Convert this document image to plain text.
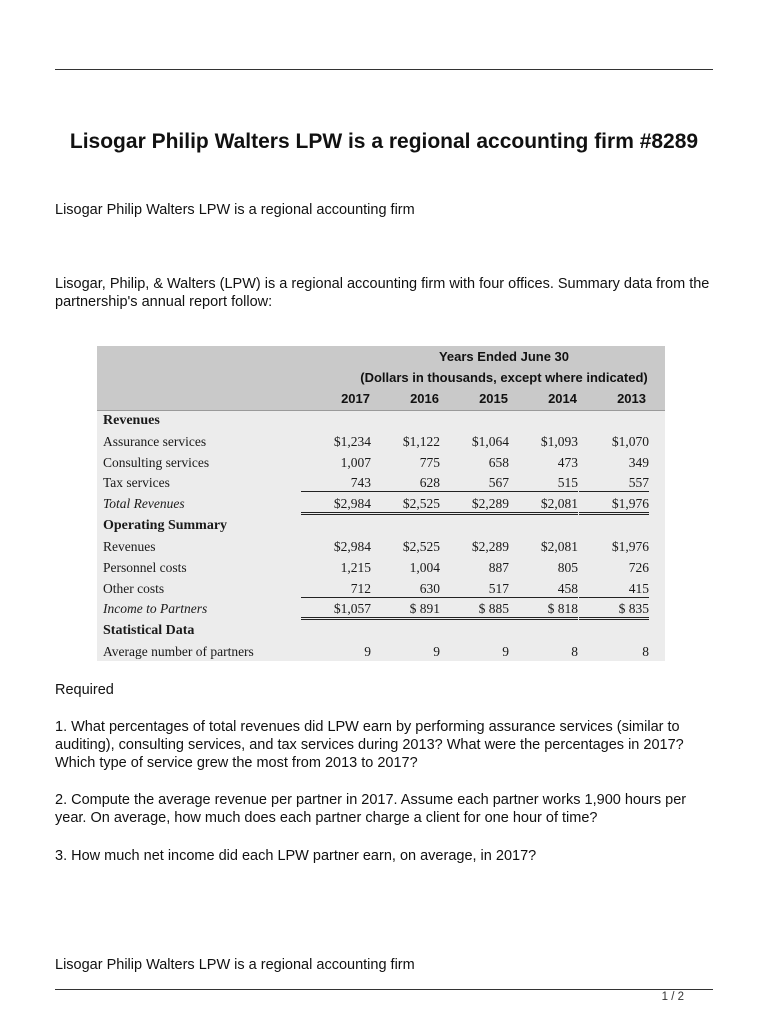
Lisogar Philip Walters LPW is a regional accounting firm #8289

Lisogar Philip Walters LPW is a regional accounting firm

Lisogar, Philip, & Walters (LPW) is a regional accounting firm with four offices. Summary data from the partnership's annual report follow:

Years Ended June 30
(Dollars in thousands, except where indicated)
2017	2016	2015	2014	2013
Revenues
Assurance services	$1,234	$1,122	$1,064	$1,093	$1,070
Consulting services	1,007	775	658	473	349
Tax services	743	628	567	515	557
Total Revenues	$2,984	$2,525	$2,289	$2,081	$1,976
Operating Summary
Revenues	$2,984	$2,525	$2,289	$2,081	$1,976
Personnel costs	1,215	1,004	887	805	726
Other costs	712	630	517	458	415
Income to Partners	$1,057	$ 891	$ 885	$ 818	$ 835
Statistical Data
Average number of partners	9	9	9	8	8

Required

1. What percentages of total revenues did LPW earn by performing assurance services (similar to auditing), consulting services, and tax services during 2013? What were the percentages in 2017? Which type of service grew the most from 2013 to 2017?

2. Compute the average revenue per partner in 2017. Assume each partner works 1,900 hours per year. On average, how much does each partner charge a client for one hour of time?

3. How much net income did each LPW partner earn, on average, in 2017?

Lisogar Philip Walters LPW is a regional accounting firm

1 / 2
